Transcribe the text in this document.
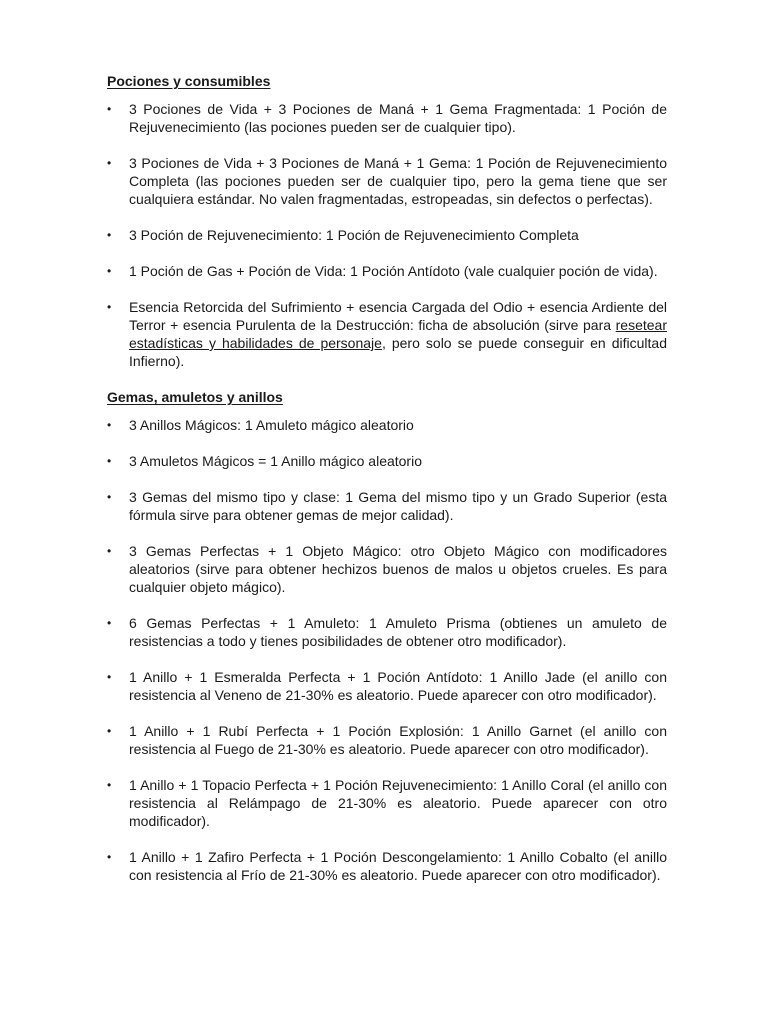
Pociones y consumibles
•	3 Pociones de Vida + 3 Pociones de Maná + 1 Gema Fragmentada: 1 Poción de Rejuvenecimiento (las pociones pueden ser de cualquier tipo).
•	3 Pociones de Vida + 3 Pociones de Maná + 1 Gema: 1 Poción de Rejuvenecimiento Completa (las pociones pueden ser de cualquier tipo, pero la gema tiene que ser cualquiera estándar. No valen fragmentadas, estropeadas, sin defectos o perfectas).
•	3 Poción de Rejuvenecimiento: 1 Poción de Rejuvenecimiento Completa
•	1 Poción de Gas + Poción de Vida: 1 Poción Antídoto (vale cualquier poción de vida).
•	Esencia Retorcida del Sufrimiento + esencia Cargada del Odio + esencia Ardiente del Terror + esencia Purulenta de la Destrucción: ficha de absolución (sirve para resetear estadísticas y habilidades de personaje, pero solo se puede conseguir en dificultad Infierno).
Gemas, amuletos y anillos
•	3 Anillos Mágicos: 1 Amuleto mágico aleatorio
•	3 Amuletos Mágicos = 1 Anillo mágico aleatorio
•	3 Gemas del mismo tipo y clase: 1 Gema del mismo tipo y un Grado Superior (esta fórmula sirve para obtener gemas de mejor calidad).
•	3 Gemas Perfectas + 1 Objeto Mágico: otro Objeto Mágico con modificadores aleatorios (sirve para obtener hechizos buenos de malos u objetos crueles. Es para cualquier objeto mágico).
•	6 Gemas Perfectas + 1 Amuleto: 1 Amuleto Prisma (obtienes un amuleto de resistencias a todo y tienes posibilidades de obtener otro modificador).
•	1 Anillo + 1 Esmeralda Perfecta + 1 Poción Antídoto: 1 Anillo Jade (el anillo con resistencia al Veneno de 21-30% es aleatorio. Puede aparecer con otro modificador).
•	1 Anillo + 1 Rubí Perfecta + 1 Poción Explosión: 1 Anillo Garnet (el anillo con resistencia al Fuego de 21-30% es aleatorio. Puede aparecer con otro modificador).
•	1 Anillo + 1 Topacio Perfecta + 1 Poción Rejuvenecimiento: 1 Anillo Coral (el anillo con resistencia al Relámpago de 21-30% es aleatorio. Puede aparecer con otro modificador).
•	1 Anillo + 1 Zafiro Perfecta + 1 Poción Descongelamiento: 1 Anillo Cobalto (el anillo con resistencia al Frío de 21-30% es aleatorio. Puede aparecer con otro modificador).
